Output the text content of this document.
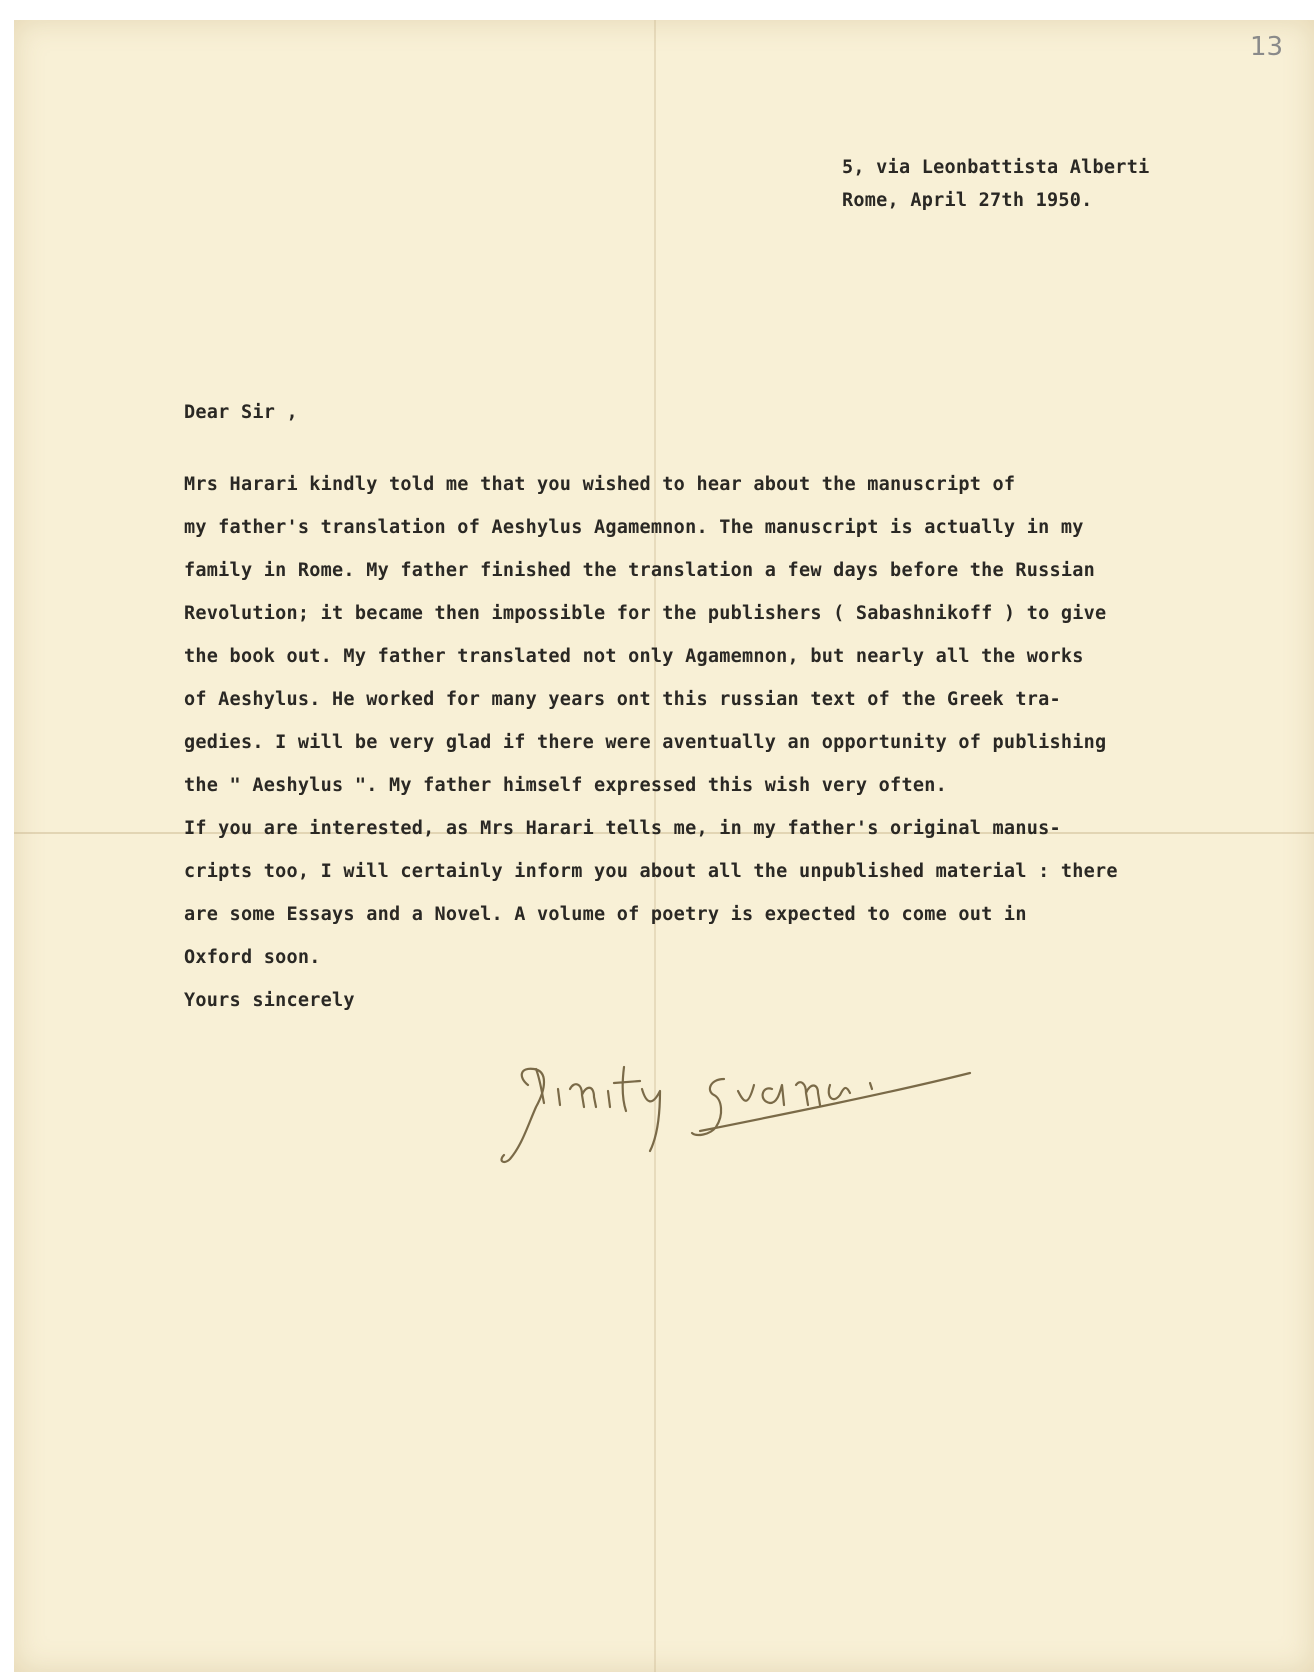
13
5, via Leonbattista Alberti
Rome, April 27th 1950.
Dear Sir ,
Mrs Harari kindly told me that you wished to hear about the manuscript of
my father's translation of Aeshylus Agamemnon. The manuscript is actually in my
family in Rome. My father finished the translation a few days before the Russian
Revolution; it became then impossible for the publishers ( Sabashnikoff ) to give
the book out. My father translated not only Agamemnon, but nearly all the works
of Aeshylus. He worked for many years ont this russian text of the Greek tra-
gedies. I will be very glad if there were aventually an opportunity of publishing
the " Aeshylus ". My father himself expressed this wish very often.
If you are interested, as Mrs Harari tells me, in my father's original manus-
cripts too, I will certainly inform you about all the unpublished material : there
are some Essays and a Novel. A volume of poetry is expected to come out in
Oxford soon.
Yours sincerely
